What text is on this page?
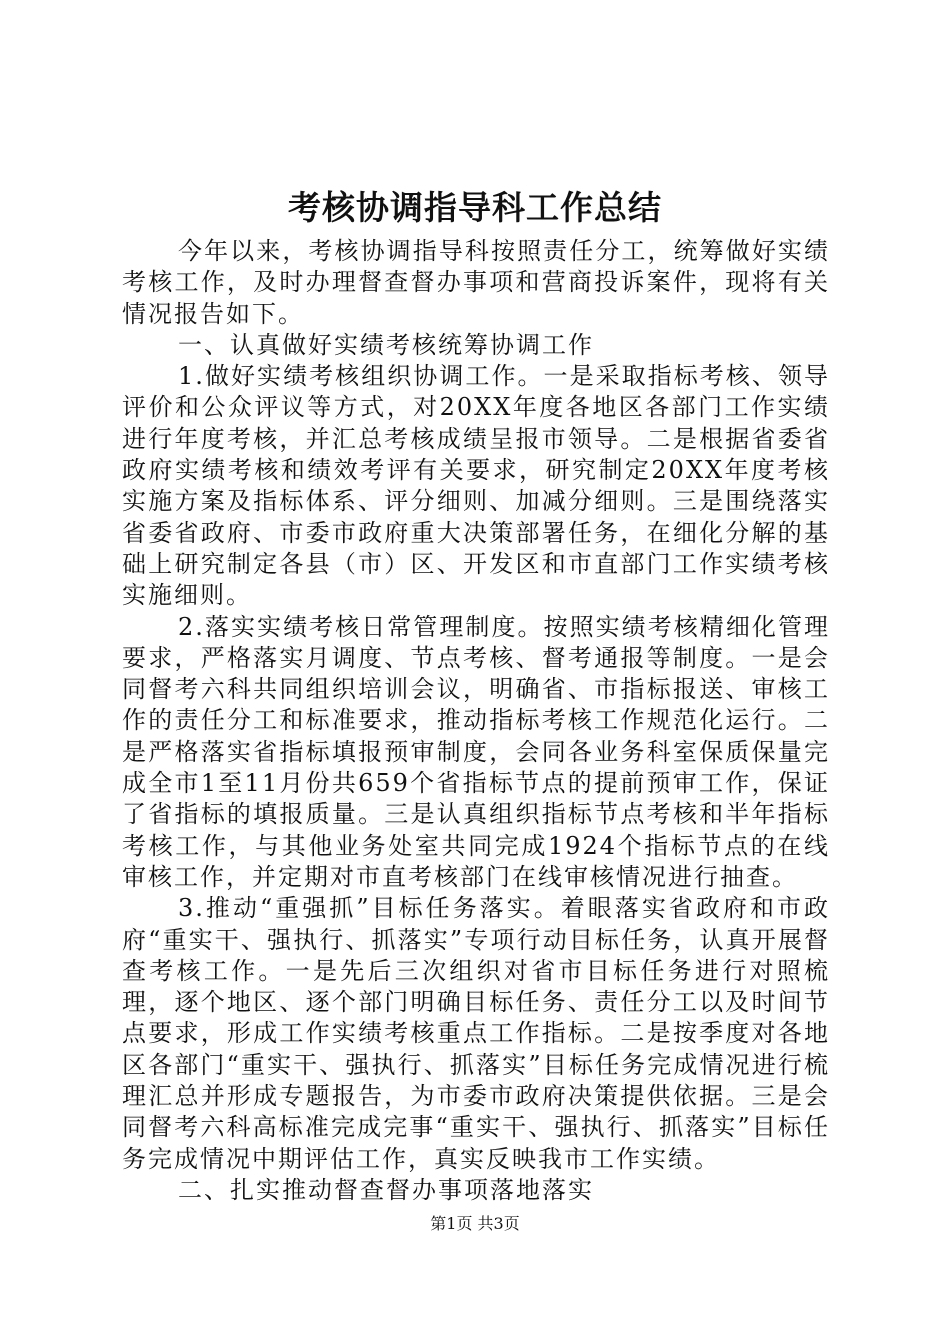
考核协调指导科工作总结

今年以来，考核协调指导科按照责任分工，统筹做好实绩考核工作，及时办理督查督办事项和营商投诉案件，现将有关情况报告如下。

一、认真做好实绩考核统筹协调工作

1.做好实绩考核组织协调工作。一是采取指标考核、领导评价和公众评议等方式，对20XX年度各地区各部门工作实绩进行年度考核，并汇总考核成绩呈报市领导。二是根据省委省政府实绩考核和绩效考评有关要求，研究制定20XX年度考核实施方案及指标体系、评分细则、加减分细则。三是围绕落实省委省政府、市委市政府重大决策部署任务，在细化分解的基础上研究制定各县（市）区、开发区和市直部门工作实绩考核实施细则。

2.落实实绩考核日常管理制度。按照实绩考核精细化管理要求，严格落实月调度、节点考核、督考通报等制度。一是会同督考六科共同组织培训会议，明确省、市指标报送、审核工作的责任分工和标准要求，推动指标考核工作规范化运行。二是严格落实省指标填报预审制度，会同各业务科室保质保量完成全市1至11月份共659个省指标节点的提前预审工作，保证了省指标的填报质量。三是认真组织指标节点考核和半年指标考核工作，与其他业务处室共同完成1924个指标节点的在线审核工作，并定期对市直考核部门在线审核情况进行抽查。

3.推动“重强抓”目标任务落实。着眼落实省政府和市政府“重实干、强执行、抓落实”专项行动目标任务，认真开展督查考核工作。一是先后三次组织对省市目标任务进行对照梳理，逐个地区、逐个部门明确目标任务、责任分工以及时间节点要求，形成工作实绩考核重点工作指标。二是按季度对各地区各部门“重实干、强执行、抓落实”目标任务完成情况进行梳理汇总并形成专题报告，为市委市政府决策提供依据。三是会同督考六科高标准完成完事“重实干、强执行、抓落实”目标任务完成情况中期评估工作，真实反映我市工作实绩。

二、扎实推动督查督办事项落地落实

第1页 共3页
